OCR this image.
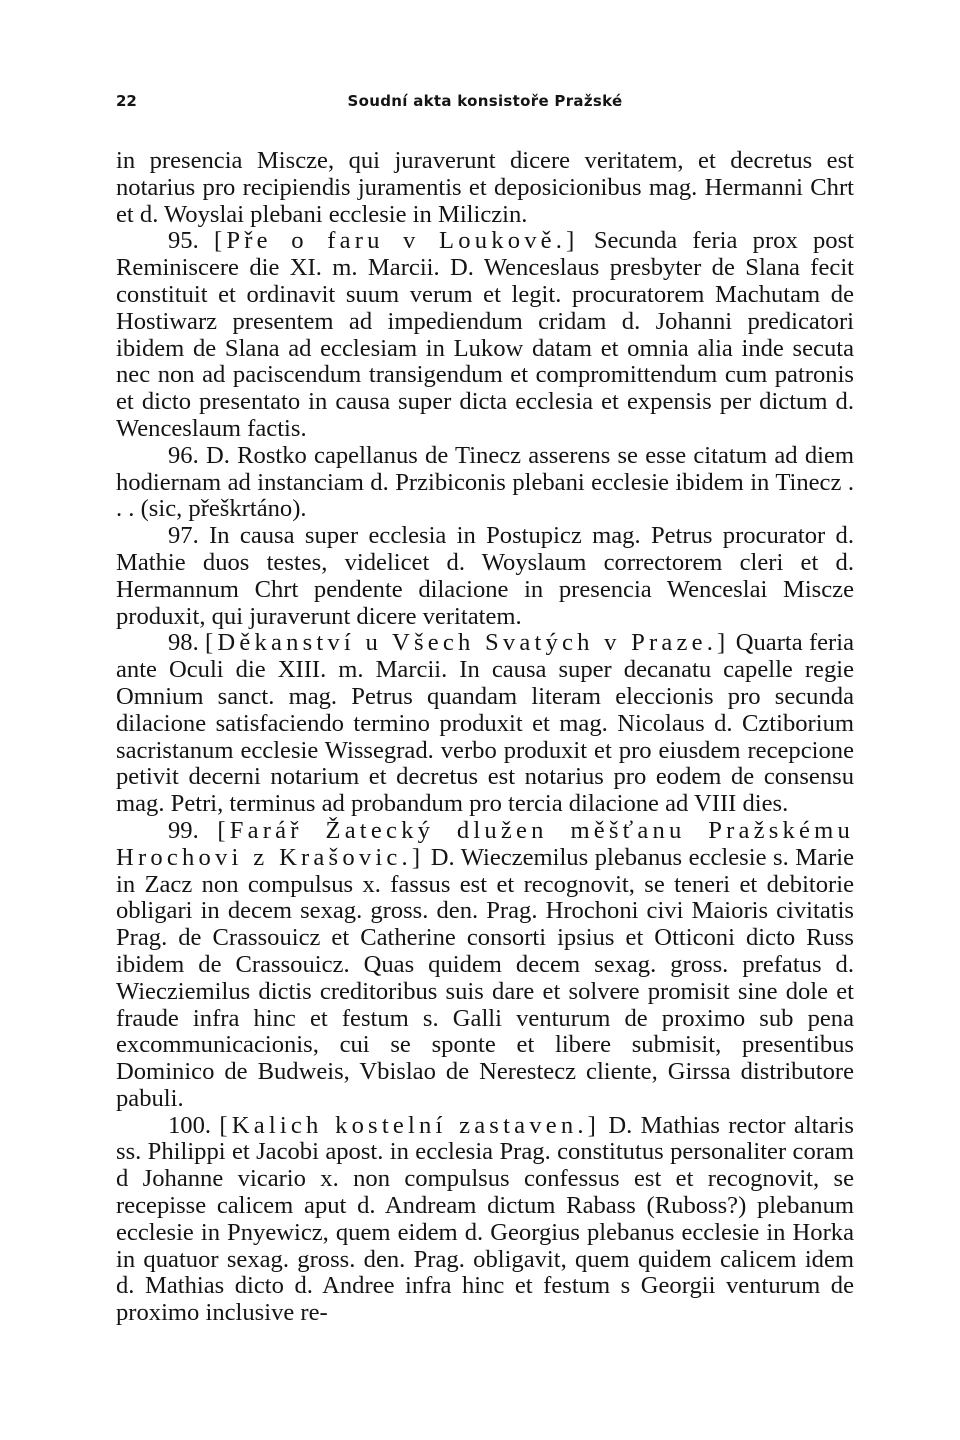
22	Soudní akta konsistoře Pražské

in presencia Miscze, qui juraverunt dicere veritatem, et decretus est notarius pro recipiendis juramentis et deposicionibus mag. Hermanni Chrt et d. Woyslai plebani ecclesie in Miliczin.

95. [Pře o faru v Loukově.] Secunda feria prox post Reminiscere die XI. m. Marcii. D. Wenceslaus presbyter de Slana fecit constituit et ordinavit suum verum et legit. procuratorem Machutam de Hostiwarz presentem ad impediendum cridam d. Johanni predicatori ibidem de Slana ad ecclesiam in Lukow datam et omnia alia inde secuta nec non ad paciscendum transigendum et compromittendum cum patronis et dicto presentato in causa super dicta ecclesia et expensis per dictum d. Wenceslaum factis.

96. D. Rostko capellanus de Tinecz asserens se esse citatum ad diem hodiernam ad instanciam d. Przibiconis plebani ecclesie ibidem in Tinecz . . . (sic, přeškrtáno).

97. In causa super ecclesia in Postupicz mag. Petrus procurator d. Mathie duos testes, videlicet d. Woyslaum correctorem cleri et d. Hermannum Chrt pendente dilacione in presencia Wenceslai Miscze produxit, qui juraverunt dicere veritatem.

98. [Děkanství u Všech Svatých v Praze.] Quarta feria ante Oculi die XIII. m. Marcii. In causa super decanatu capelle regie Omnium sanct. mag. Petrus quandam literam eleccionis pro secunda dilacione satisfaciendo termino produxit et mag. Nicolaus d. Cztiborium sacristanum ecclesie Wissegrad. verbo produxit et pro eiusdem recepcione petivit decerni notarium et decretus est notarius pro eodem de consensu mag. Petri, terminus ad probandum pro tercia dilacione ad VIII dies.

99. [Farář Žatecký dlužen měšťanu Pražskému Hrochovi z Krašovic.] D. Wieczemilus plebanus ecclesie s. Marie in Zacz non compulsus x. fassus est et recognovit, se teneri et debitorie obligari in decem sexag. gross. den. Prag. Hrochoni civi Maioris civitatis Prag. de Crassouicz et Catherine consorti ipsius et Otticoni dicto Russ ibidem de Crassouicz. Quas quidem decem sexag. gross. prefatus d. Wiecziemilus dictis creditoribus suis dare et solvere promisit sine dole et fraude infra hinc et festum s. Galli venturum de proximo sub pena excommunicacionis, cui se sponte et libere submisit, presentibus Dominico de Budweis, Vbislao de Nerestecz cliente, Girssa distributore pabuli.

100. [Kalich kostelní zastaven.] D. Mathias rector altaris ss. Philippi et Jacobi apost. in ecclesia Prag. constitutus personaliter coram d Johanne vicario x. non compulsus confessus est et recognovit, se recepisse calicem aput d. Andream dictum Rabass (Ruboss?) plebanum ecclesie in Pnyewicz, quem eidem d. Georgius plebanus ecclesie in Horka in quatuor sexag. gross. den. Prag. obligavit, quem quidem calicem idem d. Mathias dicto d. Andree infra hinc et festum s Georgii venturum de proximo inclusive re-
